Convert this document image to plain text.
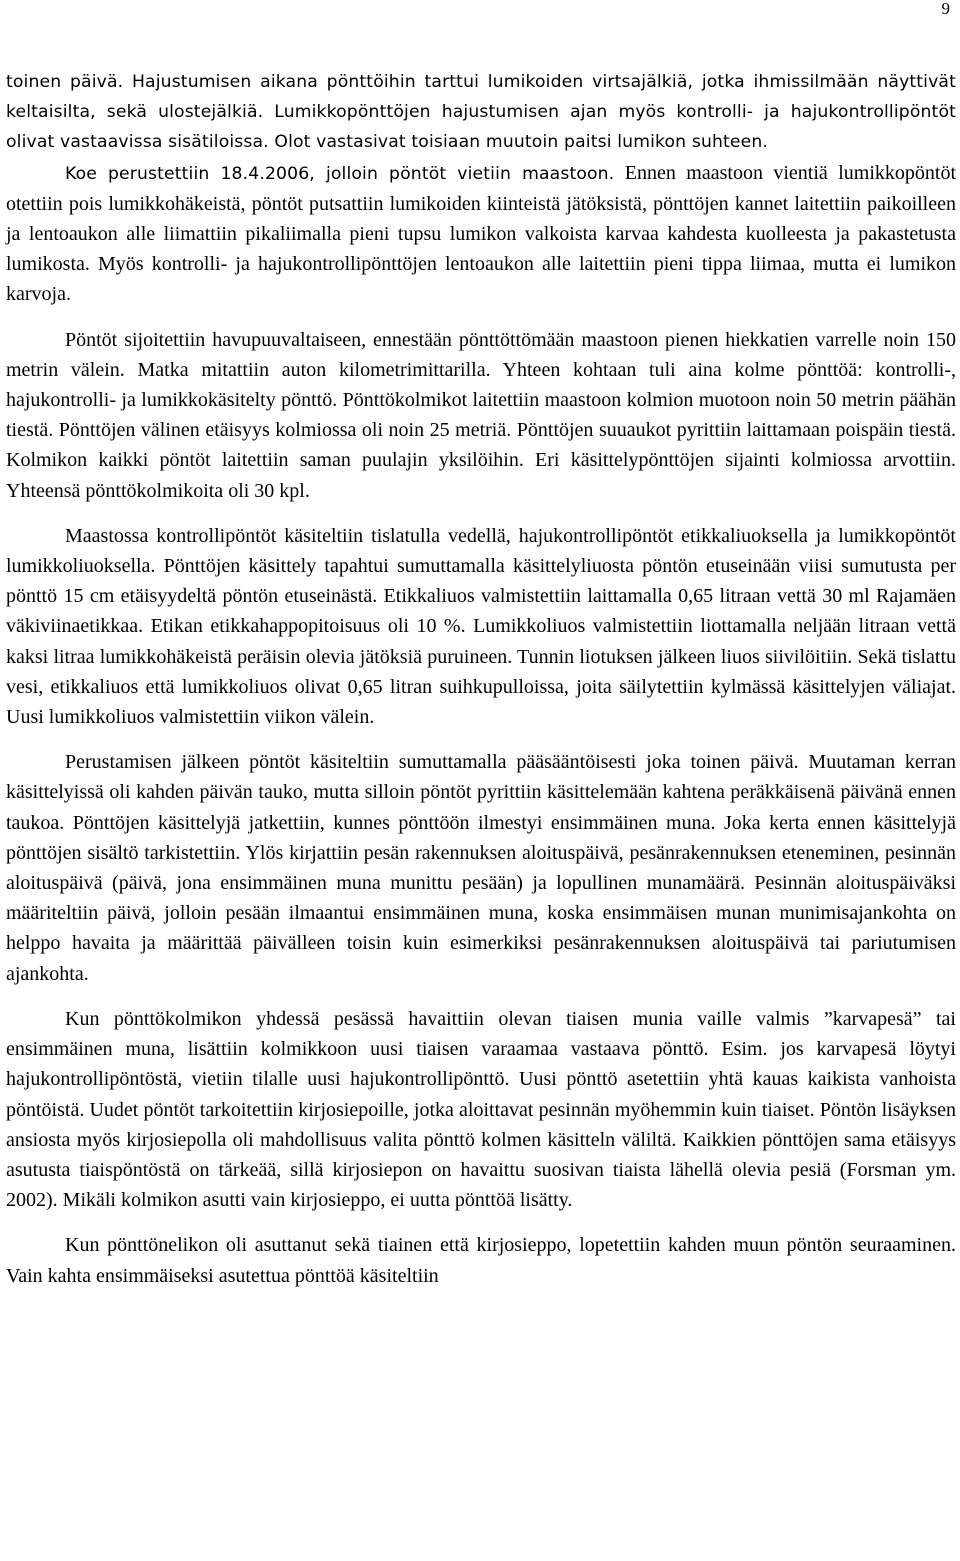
9

toinen päivä. Hajustumisen aikana pönttöihin tarttui lumikoiden virtsajälkiä, jotka ihmissilmään näyttivät keltaisilta, sekä ulostejälkiä. Lumikkopönttöjen hajustumisen ajan myös kontrolli- ja hajukontrollipöntöt olivat vastaavissa sisätiloissa. Olot vastasivat toisiaan muutoin paitsi lumikon suhteen.

Koe perustettiin 18.4.2006, jolloin pöntöt vietiin maastoon. Ennen maastoon vientiä lumikkopöntöt otettiin pois lumikkohäkeistä, pöntöt putsattiin lumikoiden kiinteistä jätöksistä, pönttöjen kannet laitettiin paikoilleen ja lentoaukon alle liimattiin pikaliimalla pieni tupsu lumikon valkoista karvaa kahdesta kuolleesta ja pakastetusta lumikosta. Myös kontrolli- ja hajukontrollipönttöjen lentoaukon alle laitettiin pieni tippa liimaa, mutta ei lumikon karvoja.

Pöntöt sijoitettiin havupuuvaltaiseen, ennestään pönttöttömään maastoon pienen hiekkatien varrelle noin 150 metrin välein. Matka mitattiin auton kilometrimittarilla. Yhteen kohtaan tuli aina kolme pönttöä: kontrolli-, hajukontrolli- ja lumikkokäsitelty pönttö. Pönttökolmikot laitettiin maastoon kolmion muotoon noin 50 metrin päähän tiestä. Pönttöjen välinen etäisyys kolmiossa oli noin 25 metriä. Pönttöjen suuaukot pyrittiin laittamaan poispäin tiestä. Kolmikon kaikki pöntöt laitettiin saman puulajin yksilöihin. Eri käsittelypönttöjen sijainti kolmiossa arvottiin. Yhteensä pönttökolmikoita oli 30 kpl.

Maastossa kontrollipöntöt käsiteltiin tislatulla vedellä, hajukontrollipöntöt etikkaliuoksella ja lumikkopöntöt lumikkoliuoksella. Pönttöjen käsittely tapahtui sumuttamalla käsittelyliuosta pöntön etuseinään viisi sumutusta per pönttö 15 cm etäisyydeltä pöntön etuseinästä. Etikkaliuos valmistettiin laittamalla 0,65 litraan vettä 30 ml Rajamäen väkiviinaetikkaa. Etikan etikkahappopitoisuus oli 10 %. Lumikkoliuos valmistettiin liottamalla neljään litraan vettä kaksi litraa lumikkohäkeistä peräisin olevia jätöksiä puruineen. Tunnin liotuksen jälkeen liuos siivilöitiin. Sekä tislattu vesi, etikkaliuos että lumikkoliuos olivat 0,65 litran suihkupulloissa, joita säilytettiin kylmässä käsittelyjen väliajat. Uusi lumikkoliuos valmistettiin viikon välein.

Perustamisen jälkeen pöntöt käsiteltiin sumuttamalla pääsääntöisesti joka toinen päivä. Muutaman kerran käsittelyissä oli kahden päivän tauko, mutta silloin pöntöt pyrittiin käsittelemään kahtena peräkkäisenä päivänä ennen taukoa. Pönttöjen käsittelyjä jatkettiin, kunnes pönttöön ilmestyi ensimmäinen muna. Joka kerta ennen käsittelyjä pönttöjen sisältö tarkistettiin. Ylös kirjattiin pesän rakennuksen aloituspäivä, pesänrakennuksen eteneminen, pesinnän aloituspäivä (päivä, jona ensimmäinen muna munittu pesään) ja lopullinen munamäärä. Pesinnän aloituspäiväksi määriteltiin päivä, jolloin pesään ilmaantui ensimmäinen muna, koska ensimmäisen munan munimisajankohta on helppo havaita ja määrittää päivälleen toisin kuin esimerkiksi pesänrakennuksen aloituspäivä tai pariutumisen ajankohta.

Kun pönttökolmikon yhdessä pesässä havaittiin olevan tiaisen munia vaille valmis ”karvapesä” tai ensimmäinen muna, lisättiin kolmikkoon uusi tiaisen varaamaa vastaava pönttö. Esim. jos karvapesä löytyi hajukontrollipöntöstä, vietiin tilalle uusi hajukontrollipönttö. Uusi pönttö asetettiin yhtä kauas kaikista vanhoista pöntöistä. Uudet pöntöt tarkoitettiin kirjosiepoille, jotka aloittavat pesinnän myöhemmin kuin tiaiset. Pöntön lisäyksen ansiosta myös kirjosiepolla oli mahdollisuus valita pönttö kolmen käsitteln väliltä. Kaikkien pönttöjen sama etäisyys asutusta tiaispöntöstä on tärkeää, sillä kirjosiepon on havaittu suosivan tiaista lähellä olevia pesiä (Forsman ym. 2002). Mikäli kolmikon asutti vain kirjosieppo, ei uutta pönttöä lisätty.

Kun pönttönelikon oli asuttanut sekä tiainen että kirjosieppo, lopetettiin kahden muun pöntön seuraaminen. Vain kahta ensimmäiseksi asutettua pönttöä käsiteltiin
